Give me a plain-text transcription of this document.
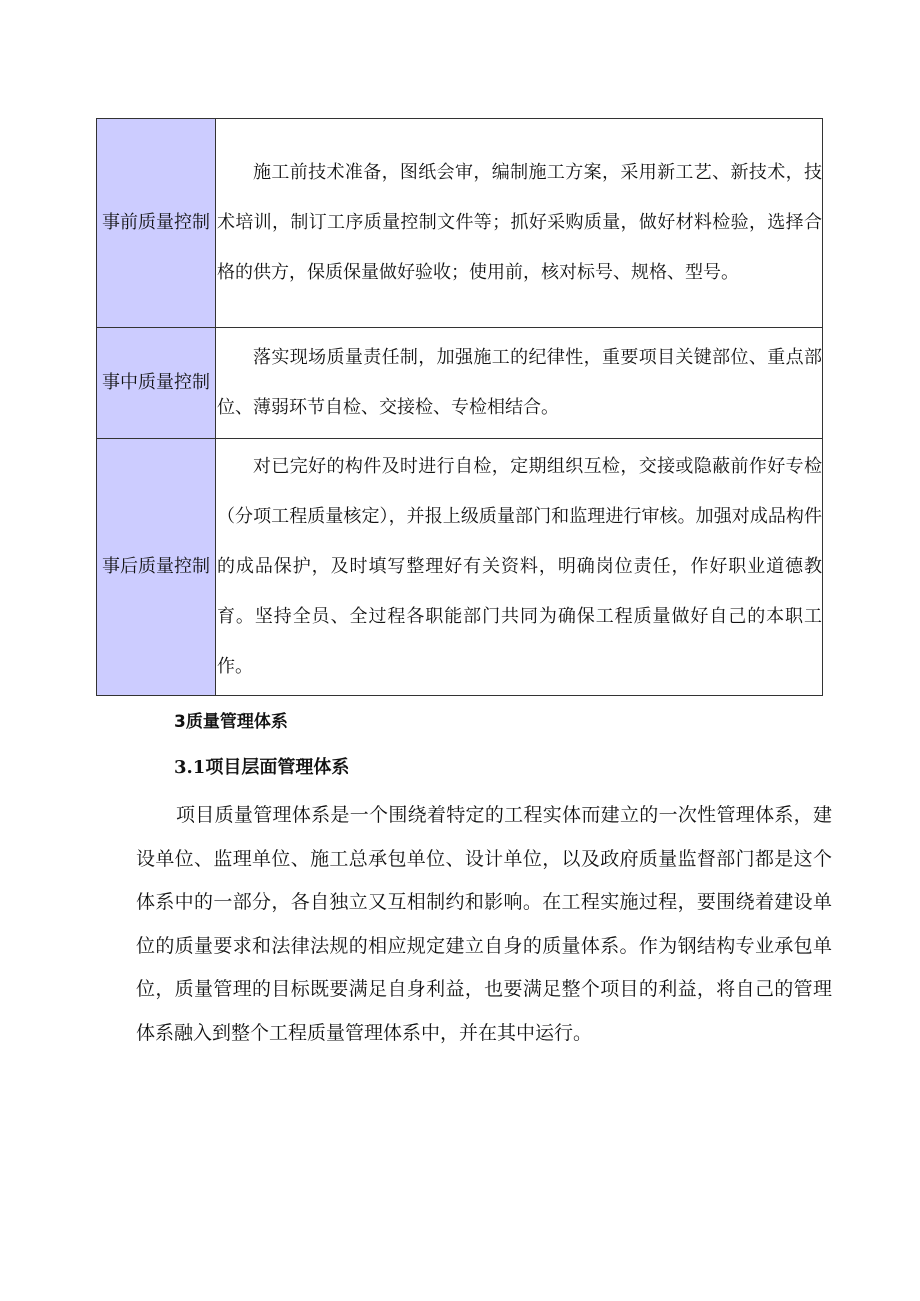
事前质量控制	施工前技术准备，图纸会审，编制施工方案，采用新工艺、新技术，技术培训，制订工序质量控制文件等；抓好采购质量，做好材料检验，选择合格的供方，保质保量做好验收；使用前，核对标号、规格、型号。
事中质量控制	落实现场质量责任制，加强施工的纪律性，重要项目关键部位、重点部位、薄弱环节自检、交接检、专检相结合。
事后质量控制	对已完好的构件及时进行自检，定期组织互检，交接或隐蔽前作好专检（分项工程质量核定），并报上级质量部门和监理进行审核。加强对成品构件的成品保护，及时填写整理好有关资料，明确岗位责任，作好职业道德教育。坚持全员、全过程各职能部门共同为确保工程质量做好自己的本职工作。
3质量管理体系
3.1项目层面管理体系

项目质量管理体系是一个围绕着特定的工程实体而建立的一次性管理体系，建设单位、监理单位、施工总承包单位、设计单位，以及政府质量监督部门都是这个体系中的一部分，各自独立又互相制约和影响。在工程实施过程，要围绕着建设单位的质量要求和法律法规的相应规定建立自身的质量体系。作为钢结构专业承包单位，质量管理的目标既要满足自身利益，也要满足整个项目的利益，将自己的管理体系融入到整个工程质量管理体系中，并在其中运行。
